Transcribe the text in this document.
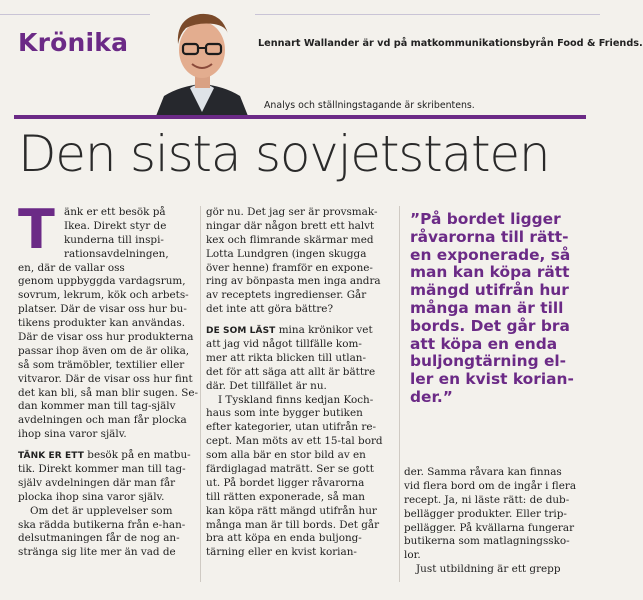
Krönika	Lennart Wallander är vd på matkommunikationsbyrån Food & Friends.
Analys och ställningstagande är skribentens.
Den sista sovjetstaten
T änk er ett besök på
Ikea. Direkt styr de
kunderna till inspi-
rationsavdelningen,
en, där de vallar oss
genom uppbyggda vardagsrum,
sovrum, lekrum, kök och arbets-
platser. Där de visar oss hur bu-
tikens produkter kan användas.
Där de visar oss hur produkterna
passar ihop även om de är olika,
så som trämöbler, textilier eller
vitvaror. Där de visar oss hur fint
det kan bli, så man blir sugen. Se-
dan kommer man till tag-själv
avdelningen och man får plocka
ihop sina varor själv.
TÄNK ER ETT besök på en matbu-
tik. Direkt kommer man till tag-
själv avdelningen där man får
plocka ihop sina varor själv.
Om det är upplevelser som
ska rädda butikerna från e-han-
delsutmaningen får de nog an-
stränga sig lite mer än vad de
gör nu. Det jag ser är provsmak-
ningar där någon brett ett halvt
kex och flimrande skärmar med
Lotta Lundgren (ingen skugga
över henne) framför en expone-
ring av bönpasta men inga andra
av receptets ingredienser. Går
det inte att göra bättre?
DE SOM LÄST mina krönikor vet
att jag vid något tillfälle kom-
mer att rikta blicken till utlan-
det för att säga att allt är bättre
där. Det tillfället är nu.
I Tyskland finns kedjan Koch-
haus som inte bygger butiken
efter kategorier, utan utifrån re-
cept. Man möts av ett 15-tal bord
som alla bär en stor bild av en
färdiglagad maträtt. Ser se gott
ut. På bordet ligger råvarorna
till rätten exponerade, så man
kan köpa rätt mängd utifrån hur
många man är till bords. Det går
bra att köpa en enda buljong-
tärning eller en kvist korian-
”På bordet ligger
råvarorna till rätt-
en exponerade, så
man kan köpa rätt
mängd utifrån hur
många man är till
bords. Det går bra
att köpa en enda
buljongtärning el-
ler en kvist korian-
der.”
der. Samma råvara kan finnas
vid flera bord om de ingår i flera
recept. Ja, ni läste rätt: de dub-
bellägger produkter. Eller trip-
pellägger. På kvällarna fungerar
butikerna som matlagningssko-
lor.
Just utbildning är ett grepp
